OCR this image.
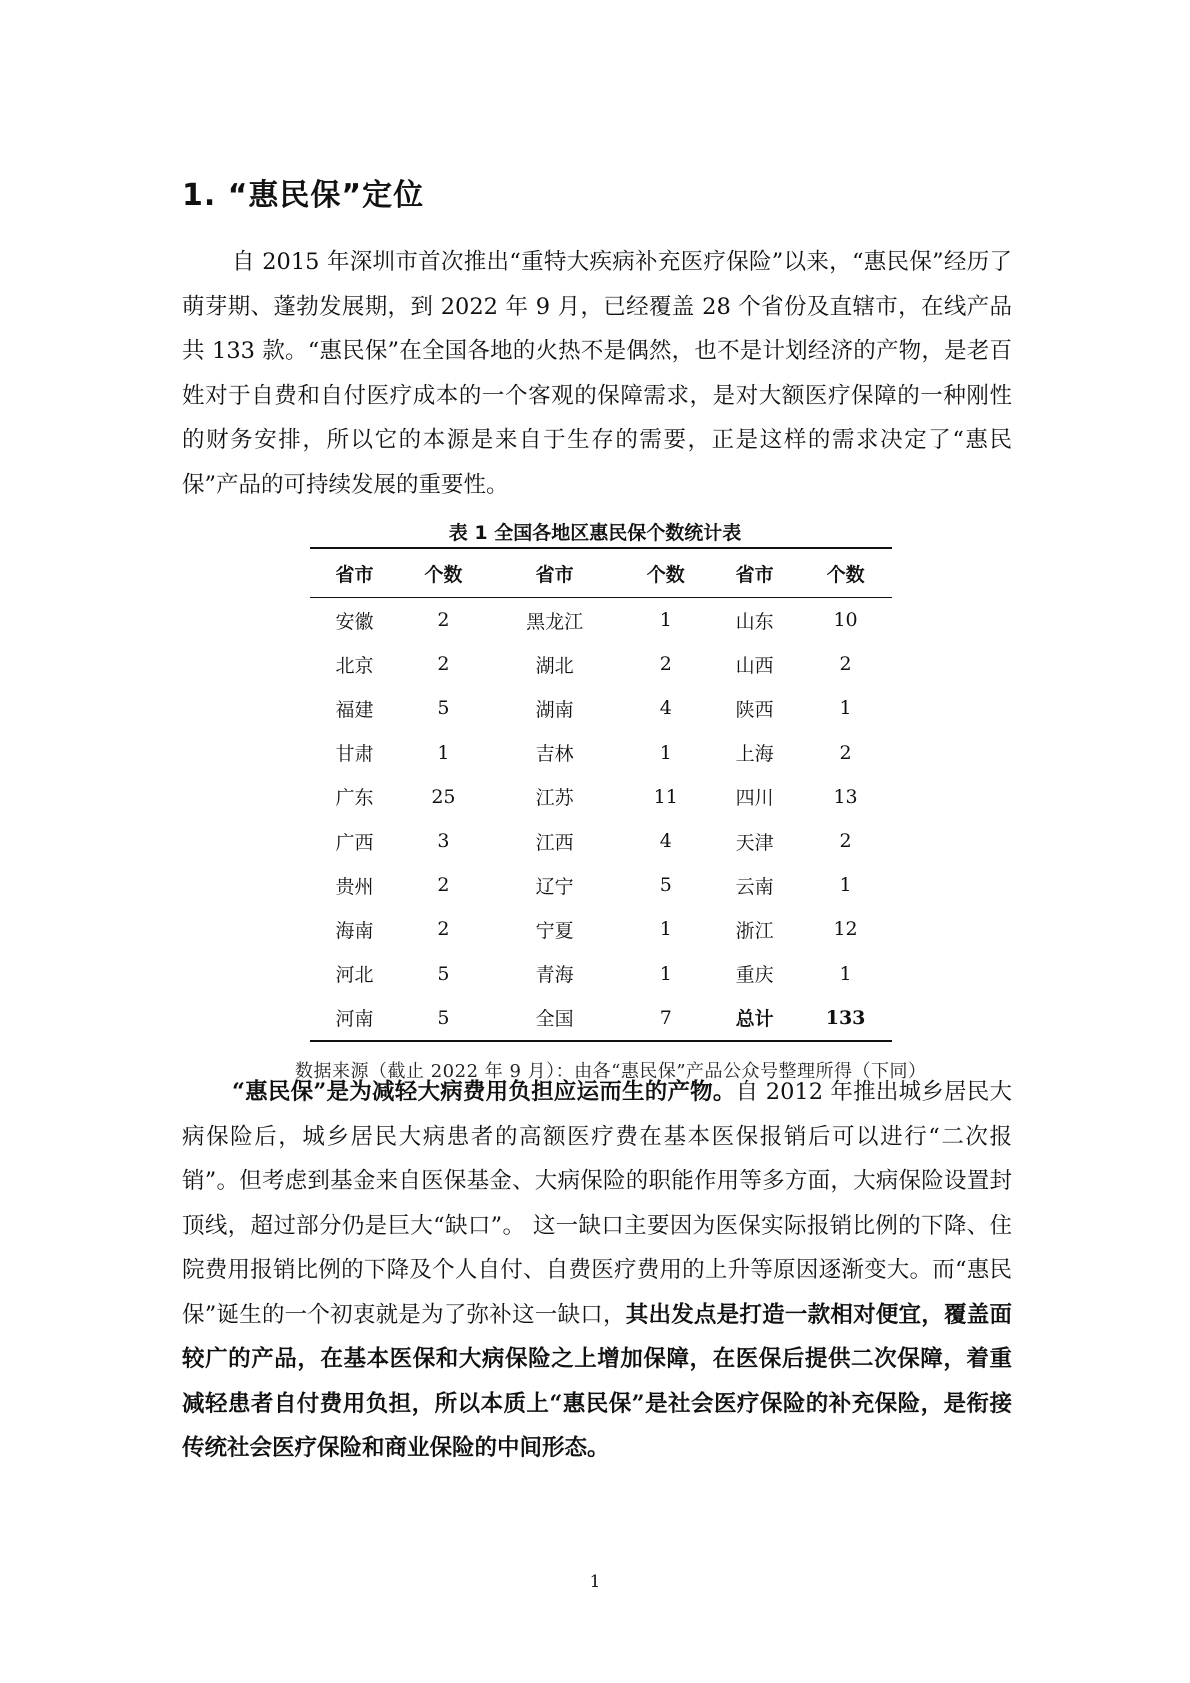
1. “惠民保”定位

自 2015 年深圳市首次推出“重特大疾病补充医疗保险”以来，“惠民保”经历了萌芽期、蓬勃发展期，到 2022 年 9 月，已经覆盖 28 个省份及直辖市，在线产品共 133 款。“惠民保”在全国各地的火热不是偶然，也不是计划经济的产物，是老百姓对于自费和自付医疗成本的一个客观的保障需求，是对大额医疗保障的一种刚性的财务安排，所以它的本源是来自于生存的需要，正是这样的需求决定了“惠民保”产品的可持续发展的重要性。

表 1 全国各地区惠民保个数统计表
省市	个数	省市	个数	省市	个数
安徽	2	黑龙江	1	山东	10
北京	2	湖北	2	山西	2
福建	5	湖南	4	陕西	1
甘肃	1	吉林	1	上海	2
广东	25	江苏	11	四川	13
广西	3	江西	4	天津	2
贵州	2	辽宁	5	云南	1
海南	2	宁夏	1	浙江	12
河北	5	青海	1	重庆	1
河南	5	全国	7	总计	133
数据来源（截止 2022 年 9 月）：由各“惠民保”产品公众号整理所得（下同）

“惠民保”是为减轻大病费用负担应运而生的产物。自 2012 年推出城乡居民大病保险后，城乡居民大病患者的高额医疗费在基本医保报销后可以进行“二次报销”。但考虑到基金来自医保基金、大病保险的职能作用等多方面，大病保险设置封顶线，超过部分仍是巨大“缺口”。 这一缺口主要因为医保实际报销比例的下降、住院费用报销比例的下降及个人自付、自费医疗费用的上升等原因逐渐变大。而“惠民保”诞生的一个初衷就是为了弥补这一缺口，其出发点是打造一款相对便宜，覆盖面较广的产品，在基本医保和大病保险之上增加保障，在医保后提供二次保障，着重减轻患者自付费用负担，所以本质上“惠民保”是社会医疗保险的补充保险，是衔接传统社会医疗保险和商业保险的中间形态。

1
